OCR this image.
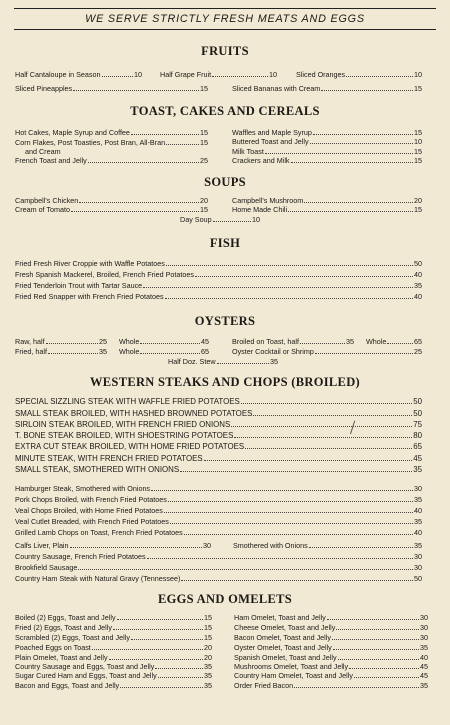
WE SERVE STRICTLY FRESH MEATS AND EGGS
FRUITS
Half Cantaloupe in Season	10	Half Grape Fruit	10	Sliced Oranges	10
Sliced Pineapples	15	Sliced Bananas with Cream	15
TOAST, CAKES AND CEREALS
Hot Cakes, Maple Syrup and Coffee	15
Corn Flakes, Post Toasties, Post Bran, All-Bran	15
and Cream
French Toast and Jelly	25
Waffles and Maple Syrup	15
Buttered Toast and Jelly	10
Milk Toast	15
Crackers and Milk	15
SOUPS
Campbell's Chicken	20
Cream of Tomato	15
Campbell's Mushroom	20
Home Made Chili	15
Day Soup	10
FISH
Fried Fresh River Croppie with Waffle Potatoes	50
Fresh Spanish Mackerel, Broiled, French Fried Potatoes	40
Fried Tenderloin Trout with Tartar Sauce	35
Fried Red Snapper with French Fried Potatoes	40
OYSTERS
Raw, half	25 Whole	45
Fried, half	35 Whole	65
Broiled on Toast, half	35 Whole	65
Oyster Cocktail or Shrimp	25
Half Doz. Stew	35
WESTERN STEAKS AND CHOPS (BROILED)
SPECIAL SIZZLING STEAK WITH WAFFLE FRIED POTATOES	50
SMALL STEAK BROILED, WITH HASHED BROWNED POTATOES	50
SIRLOIN STEAK BROILED, WITH FRENCH FRIED ONIONS	75
T. BONE STEAK BROILED, WITH SHOESTRING POTATOES	80
EXTRA CUT STEAK BROILED, WITH HOME FRIED POTATOES	65
MINUTE STEAK, WITH FRENCH FRIED POTATOES	45
SMALL STEAK, SMOTHERED WITH ONIONS	35
Hamburger Steak, Smothered with Onions	30
Pork Chops Broiled, with French Fried Potatoes	35
Veal Chops Broiled, with Home Fried Potatoes	40
Veal Cutlet Breaded, with French Fried Potatoes	35
Grilled Lamb Chops on Toast, French Fried Potatoes	40
Calfs Liver, Plain	30	Smothered with Onions	35
Country Sausage, French Fried Potatoes	30
Brookfield Sausage	30
Country Ham Steak with Natural Gravy (Tennessee)	50
EGGS AND OMELETS
Boiled (2) Eggs, Toast and Jelly	15
Fried (2) Eggs, Toast and Jelly	15
Scrambled (2) Eggs, Toast and Jelly	15
Poached Eggs on Toast	20
Plain Omelet, Toast and Jelly	20
Country Sausage and Eggs, Toast and Jelly	35
Sugar Cured Ham and Eggs, Toast and Jelly	35
Bacon and Eggs, Toast and Jelly	35
Ham Omelet, Toast and Jelly	30
Cheese Omelet, Toast and Jelly	30
Bacon Omelet, Toast and Jelly	30
Oyster Omelet, Toast and Jelly	35
Spanish Omelet, Toast and Jelly	40
Mushrooms Omelet, Toast and Jelly	45
Country Ham Omelet, Toast and Jelly	45
Order Fried Bacon	35
